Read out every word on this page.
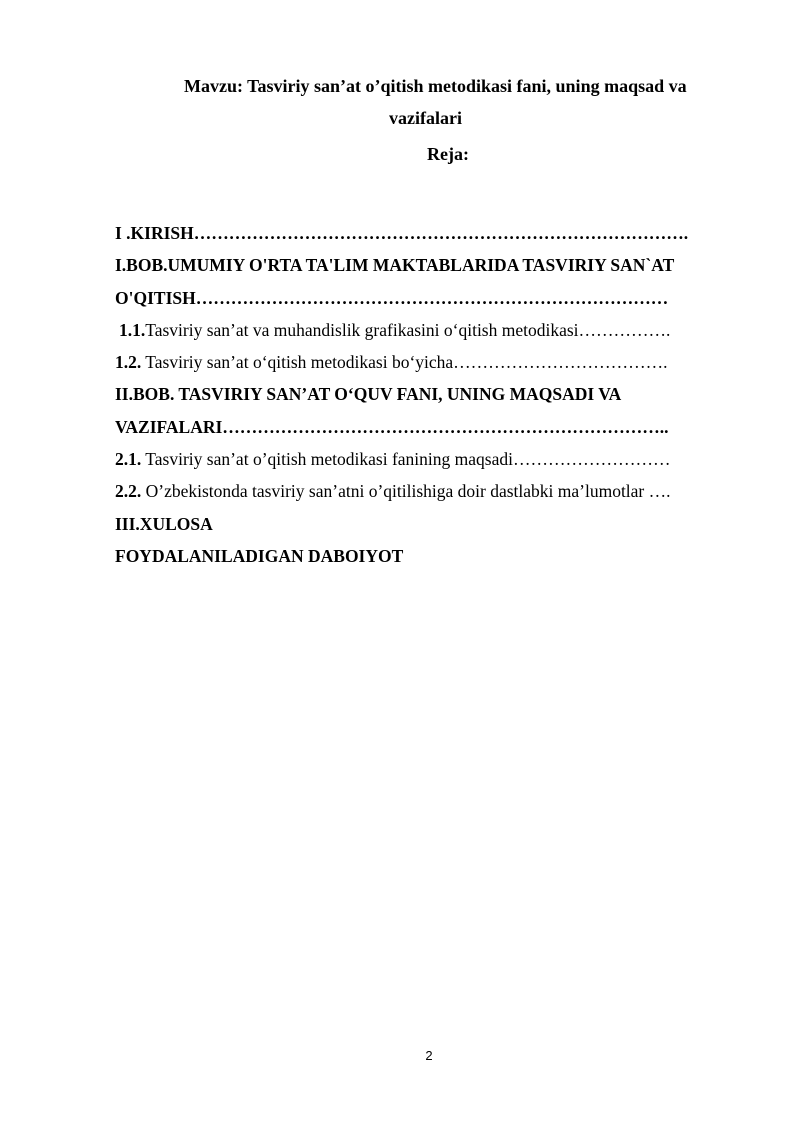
Mavzu: Tasviriy san’at o’qitish metodikasi fani, uning maqsad va
vazifalari
Reja:
I .KIRISH………………………………………………………………………….
I.BOB.UMUMIY O'RTA TA'LIM MAKTABLARIDA TASVIRIY SAN`AT
O'QITISH………………………………………………………………………
1.1.Tasviriy san’at va muhandislik grafikasini o‘qitish metodikasi…………….
1.2. Tasviriy san’at o‘qitish metodikasi bo‘yicha……………………………….
II.BOB. TASVIRIY SAN’AT O‘QUV FANI, UNING MAQSADI VA
VAZIFALARI…………………………………………………………………..
2.1. Tasviriy san’at o’qitish metodikasi fanining maqsadi………………………
2.2. O’zbekistonda tasviriy san’atni o’qitilishiga doir dastlabki ma’lumotlar ….
III.XULOSA
FOYDALANILADIGAN DABOIYOT
2
